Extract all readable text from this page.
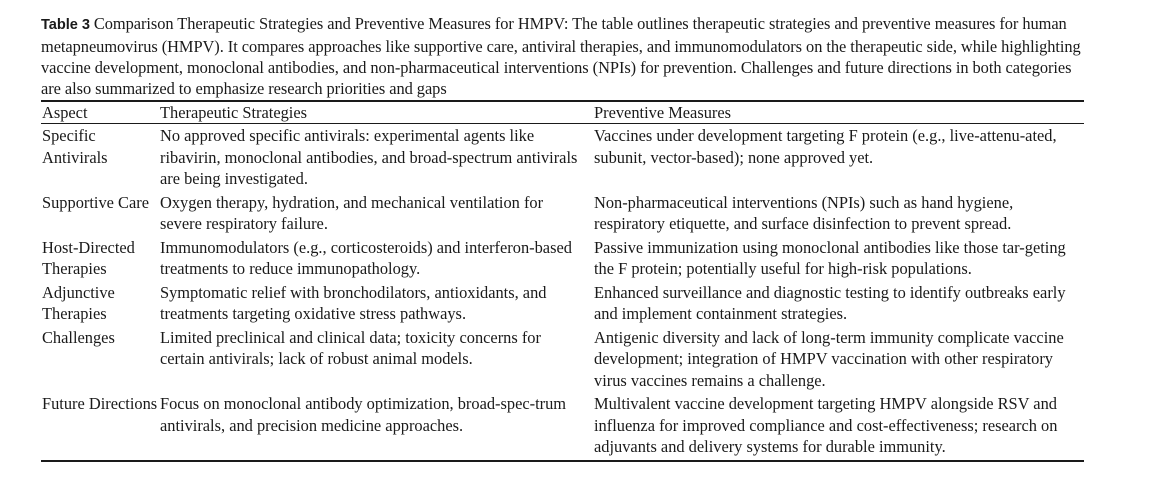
Table 3 Comparison Therapeutic Strategies and Preventive Measures for HMPV: The table outlines therapeutic strategies and preventive measures for human metapneumovirus (HMPV). It compares approaches like supportive care, antiviral therapies, and immunomodulators on the therapeutic side, while highlighting vaccine development, monoclonal antibodies, and non-pharmaceutical interventions (NPIs) for prevention. Challenges and future directions in both categories are also summarized to emphasize research priorities and gaps

Aspect	Therapeutic Strategies	Preventive Measures
Specific Antivirals	No approved specific antivirals: experimental agents like ribavirin, monoclonal antibodies, and broad-spectrum antivirals are being investigated.	Vaccines under development targeting F protein (e.g., live-attenu-ated, subunit, vector-based); none approved yet.
Supportive Care	Oxygen therapy, hydration, and mechanical ventilation for severe respiratory failure.	Non-pharmaceutical interventions (NPIs) such as hand hygiene, respiratory etiquette, and surface disinfection to prevent spread.
Host-Directed Therapies	Immunomodulators (e.g., corticosteroids) and interferon-based treatments to reduce immunopathology.	Passive immunization using monoclonal antibodies like those tar-geting the F protein; potentially useful for high-risk populations.
Adjunctive Therapies	Symptomatic relief with bronchodilators, antioxidants, and treatments targeting oxidative stress pathways.	Enhanced surveillance and diagnostic testing to identify outbreaks early and implement containment strategies.
Challenges	Limited preclinical and clinical data; toxicity concerns for certain antivirals; lack of robust animal models.	Antigenic diversity and lack of long-term immunity complicate vaccine development; integration of HMPV vaccination with other respiratory virus vaccines remains a challenge.
Future Directions	Focus on monoclonal antibody optimization, broad-spec-trum antivirals, and precision medicine approaches.	Multivalent vaccine development targeting HMPV alongside RSV and influenza for improved compliance and cost-effectiveness; research on adjuvants and delivery systems for durable immunity.
